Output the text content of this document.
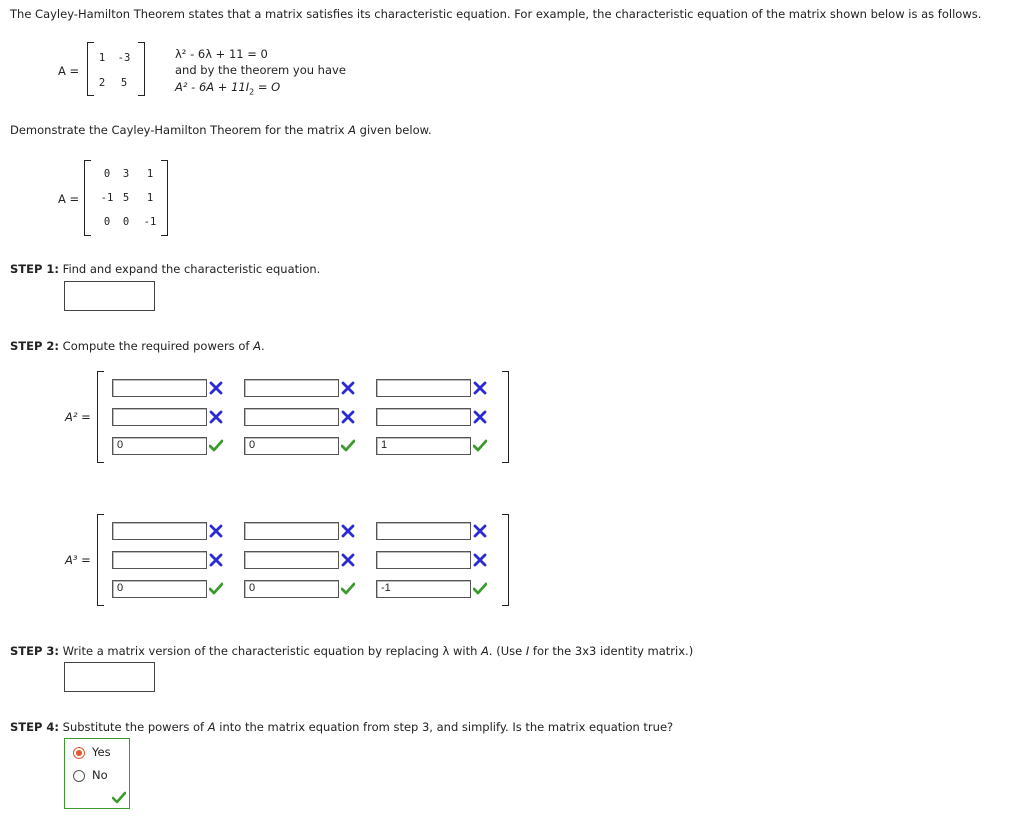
The Cayley-Hamilton Theorem states that a matrix satisfies its characteristic equation. For example, the characteristic equation of the matrix shown below is as follows.
A =
1	-3
2	5
λ² - 6λ + 11 = 0
and by the theorem you have
$A^2 - 6A + 11I_2 = O$
Demonstrate the Cayley-Hamilton Theorem for the matrix A given below.
A =
0	3	1
-1 5	1
0	0	-1
STEP 1: Find and expand the characteristic equation.
STEP 2: Compute the required powers of A.
A² =
0	0	1
A³ =
0	0	-1
STEP 3: Write a matrix version of the characteristic equation by replacing λ with A. (Use I for the 3x3 identity matrix.)
STEP 4: Substitute the powers of A into the matrix equation from step 3, and simplify. Is the matrix equation true?
Yes
No
